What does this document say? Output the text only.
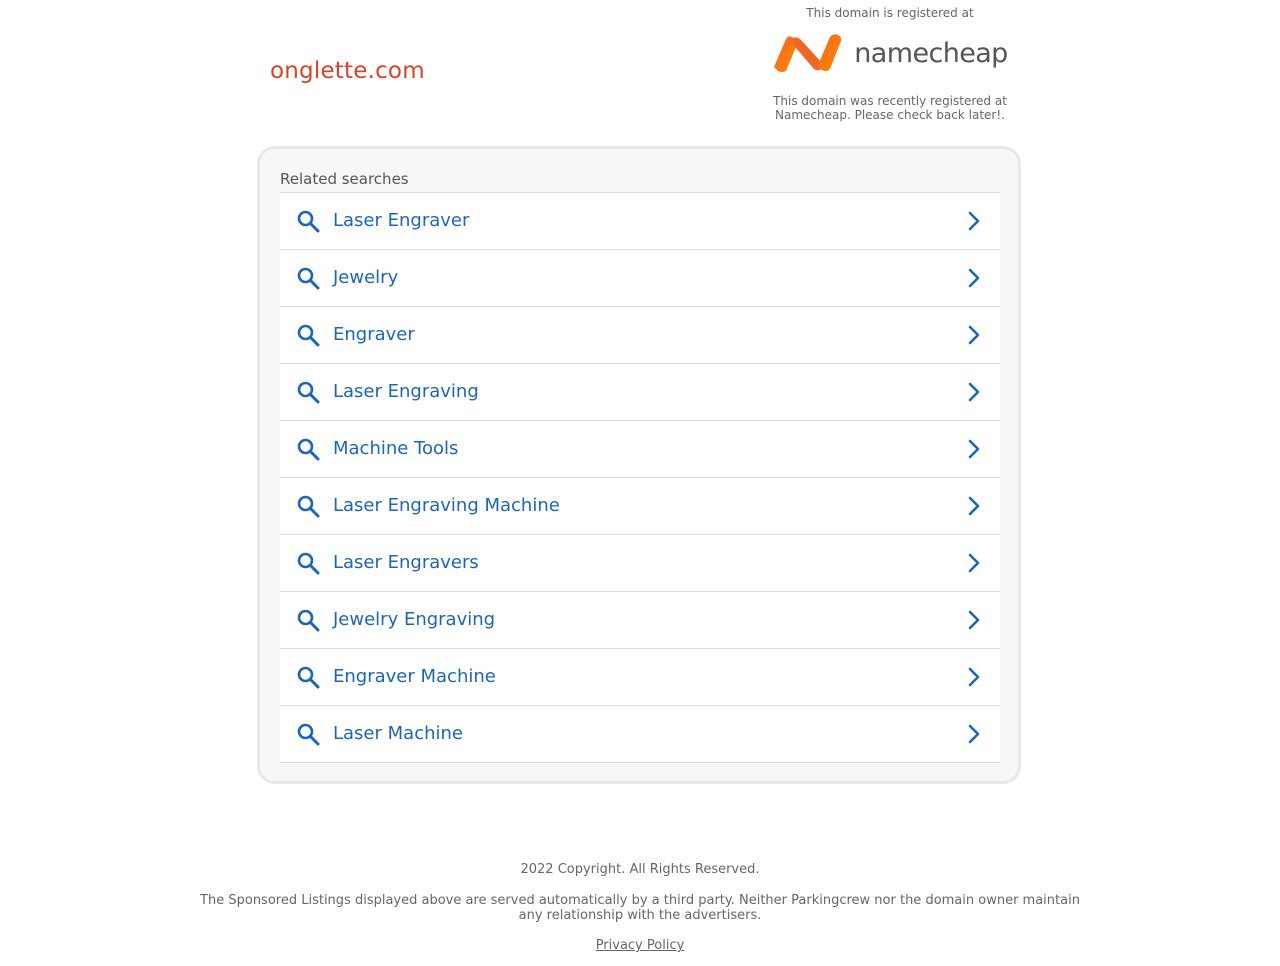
onglette.com
This domain is registered at
namecheap
This domain was recently registered at Namecheap. Please check back later!.
Related searches
Laser Engraver
Jewelry
Engraver
Laser Engraving
Machine Tools
Laser Engraving Machine
Laser Engravers
Jewelry Engraving
Engraver Machine
Laser Machine

2022 Copyright. All Rights Reserved.

The Sponsored Listings displayed above are served automatically by a third party. Neither Parkingcrew nor the domain owner maintain any relationship with the advertisers.

Privacy Policy
